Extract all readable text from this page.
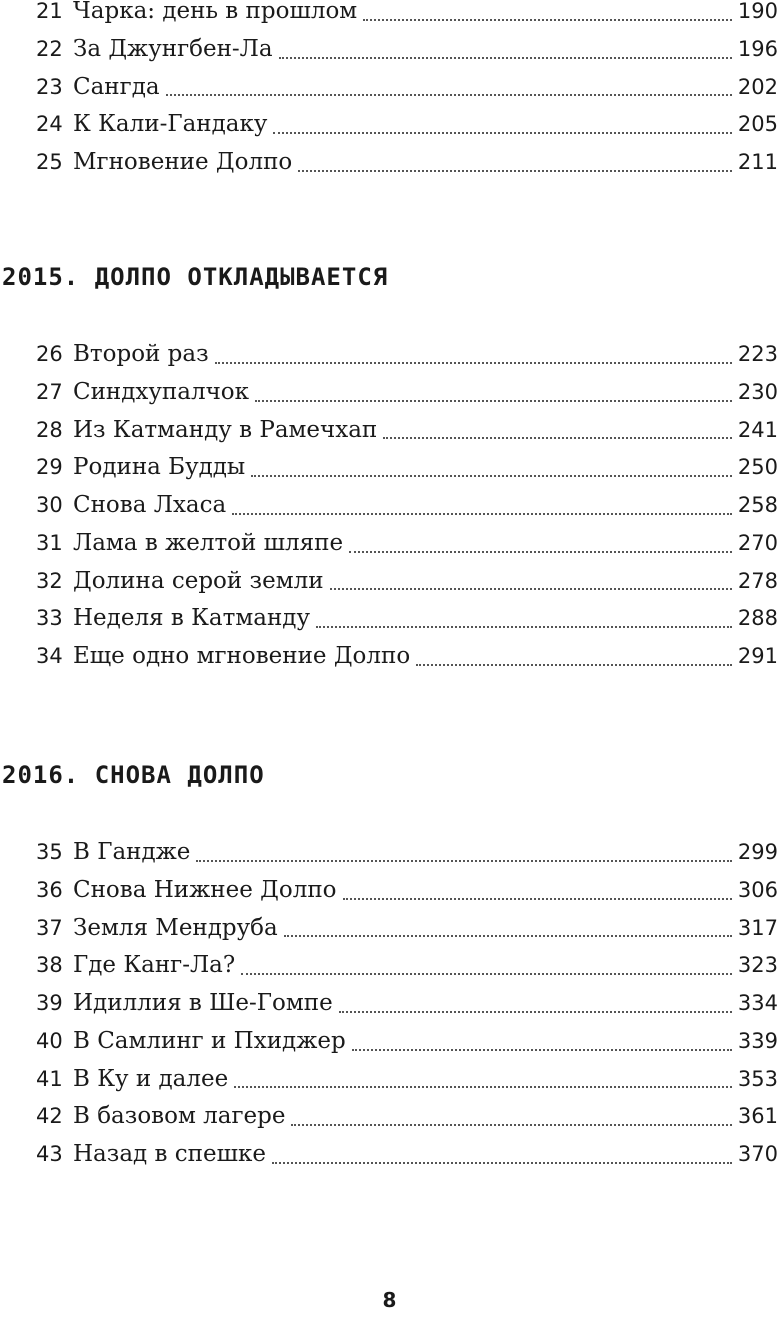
21 Чарка: день в прошлом	190
22 За Джунгбен-Ла	196
23 Сангда	202
24 К Кали-Гандаку	205
25 Мгновение Долпо	211
2015. ДОЛПО ОТКЛАДЫВАЕТСЯ
26 Второй раз	223
27 Синдхупалчок	230
28 Из Катманду в Рамечхап	241
29 Родина Будды	250
30 Снова Лхаса	258
31 Лама в желтой шляпе	270
32 Долина серой земли	278
33 Неделя в Катманду	288
34 Еще одно мгновение Долпо	291
2016. СНОВА ДОЛПО
35 В Гандже	299
36 Снова Нижнее Долпо	306
37 Земля Мендруба	317
38 Где Канг-Ла?	323
39 Идиллия в Ше-Гомпе	334
40 В Самлинг и Пхиджер	339
41 В Ку и далее	353
42 В базовом лагере	361
43 Назад в спешке	370
8
